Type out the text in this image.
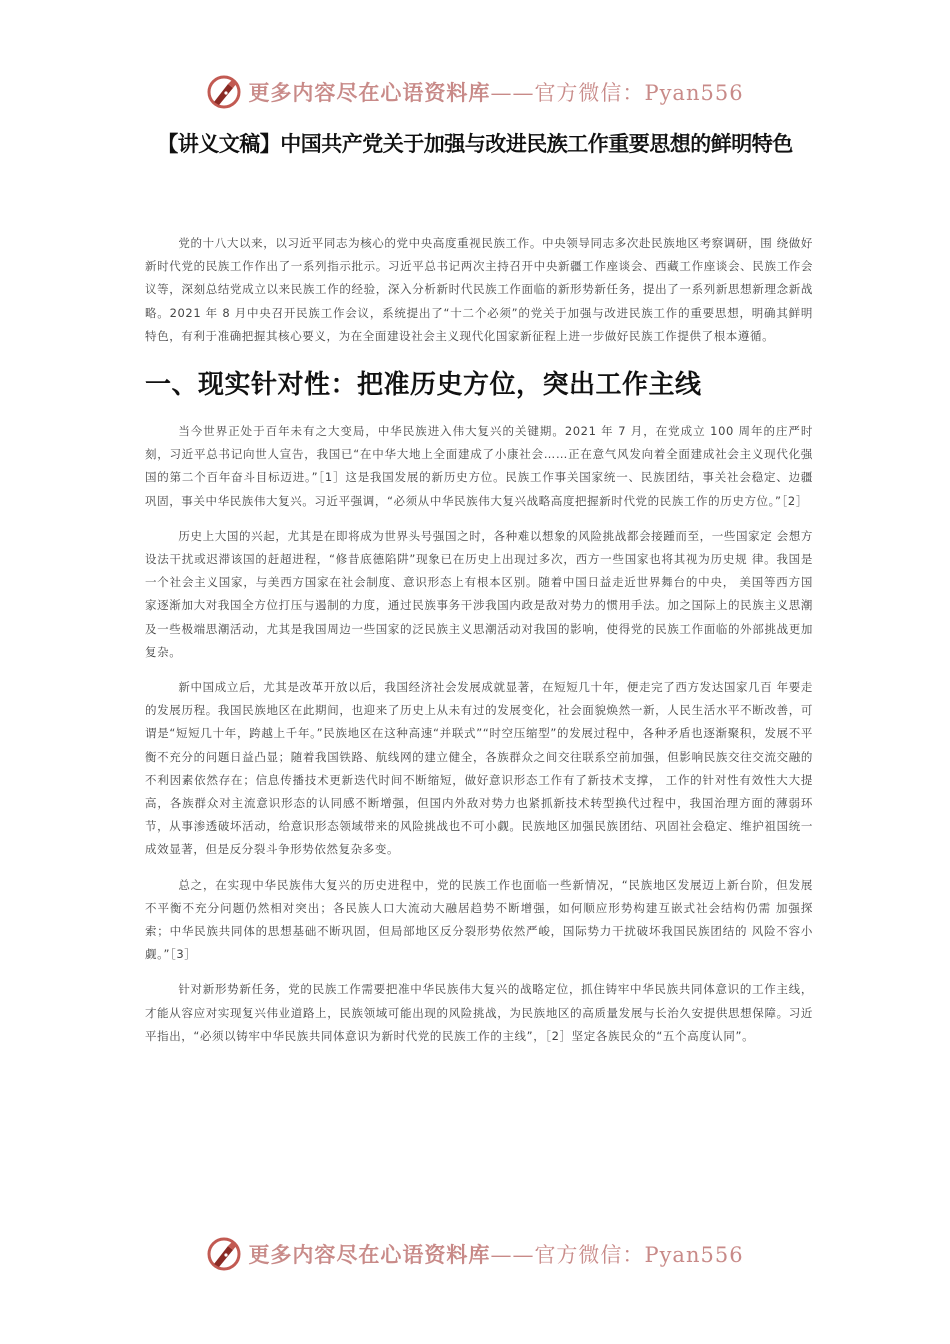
更多内容尽在心语资料库——官方微信：Pyan556
【讲义文稿】中国共产党关于加强与改进民族工作重要思想的鲜明特色

党的十八大以来，以习近平同志为核心的党中央高度重视民族工作。中央领导同志多次赴民族地区考察调研，围 绕做好新时代党的民族工作作出了一系列指示批示。习近平总书记两次主持召开中央新疆工作座谈会、西藏工作座谈会、民族工作会议等，深刻总结党成立以来民族工作的经验，深入分析新时代民族工作面临的新形势新任务，提出了一系列新思想新理念新战略。2021 年 8 月中央召开民族工作会议，系统提出了“十二个必须”的党关于加强与改进民族工作的重要思想，明确其鲜明特色，有利于准确把握其核心要义，为在全面建设社会主义现代化国家新征程上进一步做好民族工作提供了根本遵循。

一、现实针对性：把准历史方位，突出工作主线

当今世界正处于百年未有之大变局，中华民族进入伟大复兴的关键期。2021 年 7 月，在党成立 100 周年的庄严时刻，习近平总书记向世人宣告，我国已“在中华大地上全面建成了小康社会……正在意气风发向着全面建成社会主义现代化强国的第二个百年奋斗目标迈进。”［1］这是我国发展的新历史方位。民族工作事关国家统一、民族团结，事关社会稳定、边疆巩固，事关中华民族伟大复兴。习近平强调，“必须从中华民族伟大复兴战略高度把握新时代党的民族工作的历史方位。”［2］

历史上大国的兴起，尤其是在即将成为世界头号强国之时，各种难以想象的风险挑战都会接踵而至，一些国家定 会想方设法干扰或迟滞该国的赶超进程，“修昔底德陷阱”现象已在历史上出现过多次，西方一些国家也将其视为历史规 律。我国是一个社会主义国家，与美西方国家在社会制度、意识形态上有根本区别。随着中国日益走近世界舞台的中央， 美国等西方国家逐渐加大对我国全方位打压与遏制的力度，通过民族事务干涉我国内政是敌对势力的惯用手法。加之国际上的民族主义思潮及一些极端思潮活动，尤其是我国周边一些国家的泛民族主义思潮活动对我国的影响，使得党的民族工作面临的外部挑战更加复杂。

新中国成立后，尤其是改革开放以后，我国经济社会发展成就显著，在短短几十年，便走完了西方发达国家几百 年要走的发展历程。我国民族地区在此期间，也迎来了历史上从未有过的发展变化，社会面貌焕然一新，人民生活水平不断改善，可谓是“短短几十年，跨越上千年。”民族地区在这种高速“并联式”“时空压缩型”的发展过程中，各种矛盾也逐渐聚积，发展不平衡不充分的问题日益凸显；随着我国铁路、航线网的建立健全，各族群众之间交往联系空前加强，但影响民族交往交流交融的不利因素依然存在；信息传播技术更新迭代时间不断缩短，做好意识形态工作有了新技术支撑， 工作的针对性有效性大大提高，各族群众对主流意识形态的认同感不断增强，但国内外敌对势力也紧抓新技术转型换代过程中，我国治理方面的薄弱环节，从事渗透破坏活动，给意识形态领域带来的风险挑战也不可小觑。民族地区加强民族团结、巩固社会稳定、维护祖国统一成效显著，但是反分裂斗争形势依然复杂多变。

总之，在实现中华民族伟大复兴的历史进程中，党的民族工作也面临一些新情况，“民族地区发展迈上新台阶，但发展不平衡不充分问题仍然相对突出；各民族人口大流动大融居趋势不断增强，如何顺应形势构建互嵌式社会结构仍需 加强探索；中华民族共同体的思想基础不断巩固，但局部地区反分裂形势依然严峻，国际势力干扰破坏我国民族团结的 风险不容小觑。”［3］

针对新形势新任务，党的民族工作需要把准中华民族伟大复兴的战略定位，抓住铸牢中华民族共同体意识的工作主线，才能从容应对实现复兴伟业道路上，民族领域可能出现的风险挑战，为民族地区的高质量发展与长治久安提供思想保障。习近平指出，“必须以铸牢中华民族共同体意识为新时代党的民族工作的主线”，［2］坚定各族民众的“五个高度认同”。

更多内容尽在心语资料库——官方微信：Pyan556
